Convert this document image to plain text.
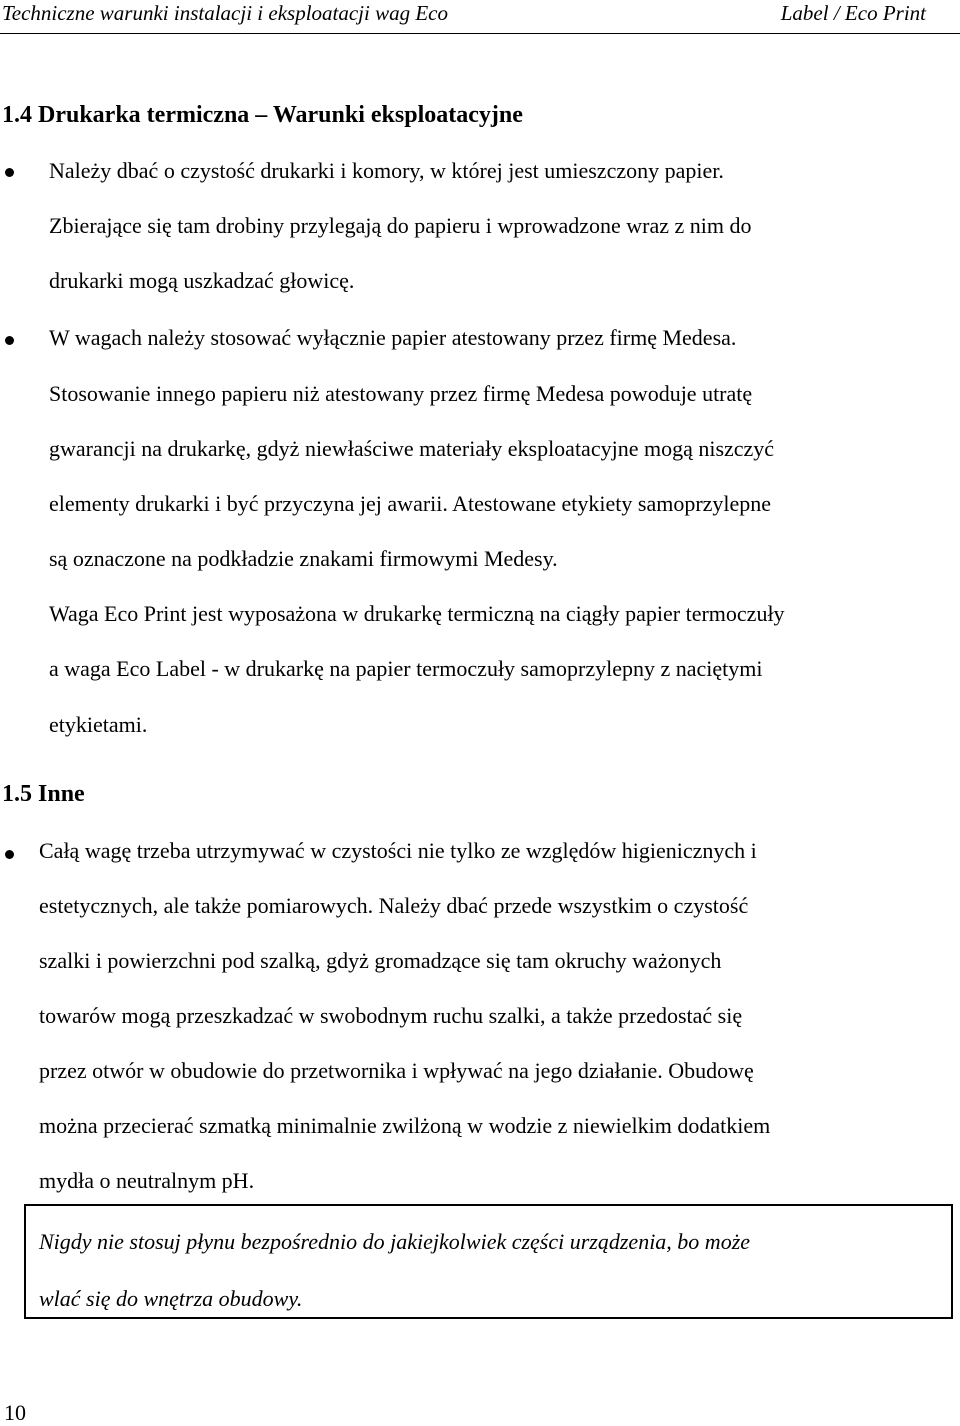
Techniczne warunki instalacji i eksploatacji wag Eco	Label / Eco Print
1.4 Drukarka termiczna – Warunki eksploatacyjne
Należy dbać o czystość drukarki i komory, w której jest umieszczony papier.
Zbierające się tam drobiny przylegają do papieru i wprowadzone wraz z nim do
drukarki mogą uszkadzać głowicę.
W wagach należy stosować wyłącznie papier atestowany przez firmę Medesa.
Stosowanie innego papieru niż atestowany przez firmę Medesa powoduje utratę
gwarancji na drukarkę, gdyż niewłaściwe materiały eksploatacyjne mogą niszczyć
elementy drukarki i być przyczyna jej awarii. Atestowane etykiety samoprzylepne
są oznaczone na podkładzie znakami firmowymi Medesy.
Waga Eco Print jest wyposażona w drukarkę termiczną na ciągły papier termoczuły
a waga Eco Label - w drukarkę na papier termoczuły samoprzylepny z naciętymi
etykietami.
1.5 Inne
Całą wagę trzeba utrzymywać w czystości nie tylko ze względów higienicznych i
estetycznych, ale także pomiarowych. Należy dbać przede wszystkim o czystość
szalki i powierzchni pod szalką, gdyż gromadzące się tam okruchy ważonych
towarów mogą przeszkadzać w swobodnym ruchu szalki, a także przedostać się
przez otwór w obudowie do przetwornika i wpływać na jego działanie. Obudowę
można przecierać szmatką minimalnie zwilżoną w wodzie z niewielkim dodatkiem
mydła o neutralnym pH.
Nigdy nie stosuj płynu bezpośrednio do jakiejkolwiek części urządzenia, bo może
wlać się do wnętrza obudowy.
10
